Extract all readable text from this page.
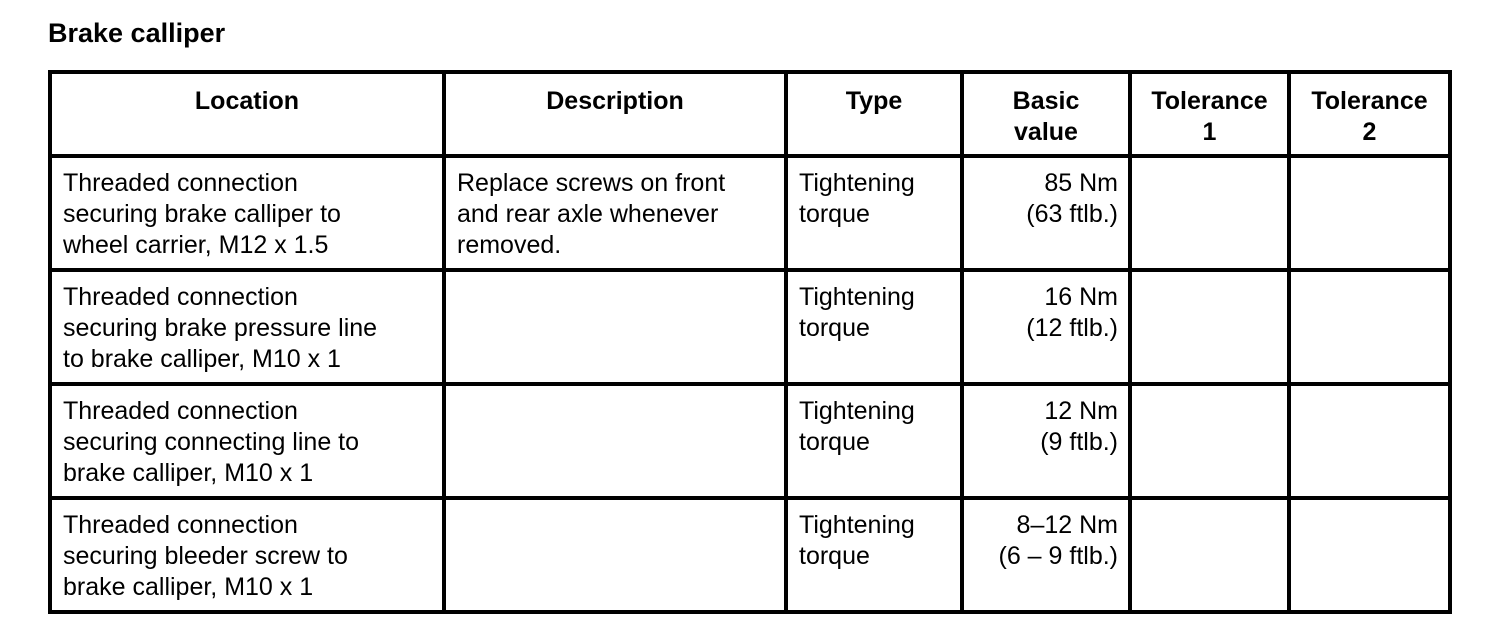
Brake calliper
Location	Description	Type	Basic
value	Tolerance
1	Tolerance
2

Threaded connection
securing brake calliper to
wheel carrier, M12 x 1.5	Replace screws on front
and rear axle whenever
removed.	Tightening
torque	85 Nm
(63 ftlb.)		

Threaded connection
securing brake pressure line
to brake calliper, M10 x 1		Tightening
torque	16 Nm
(12 ftlb.)		

Threaded connection
securing connecting line to
brake calliper, M10 x 1		Tightening
torque	12 Nm
(9 ftlb.)		

Threaded connection
securing bleeder screw to
brake calliper, M10 x 1		Tightening
torque	8–12 Nm
(6 – 9 ftlb.)		
